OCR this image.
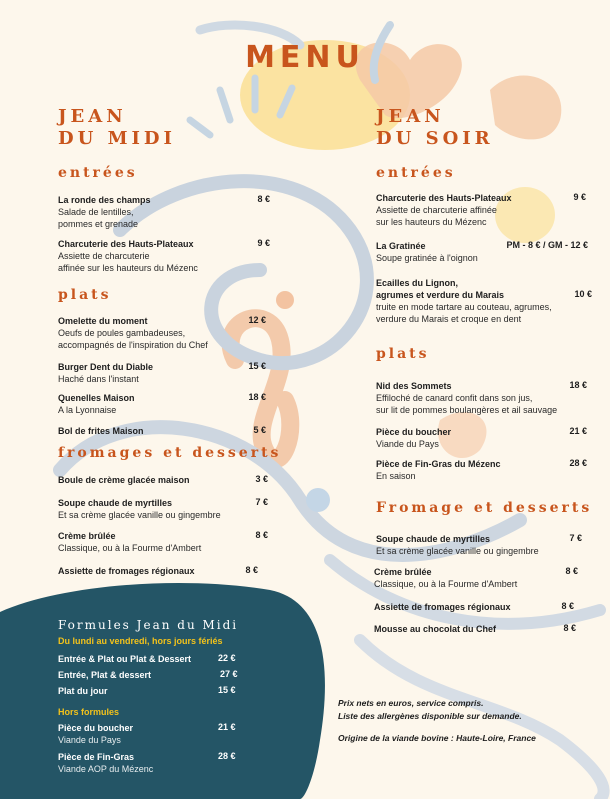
MENU
JEAN
DU MIDI
entrées
La ronde des champs
Salade de lentilles,
pommes et grenade
8 €
Charcuterie des Hauts-Plateaux
Assiette de charcuterie
affinée sur les hauteurs du Mézenc
9 €
plats
Omelette du moment
Oeufs de poules gambadeuses,
accompagnés de l'inspiration du Chef
12 €
Burger Dent du Diable
Haché dans l'instant
15 €
Quenelles Maison
A la Lyonnaise
18 €
Bol de frites Maison	5 €
fromages et desserts
Boule de crème glacée maison	3 €
Soupe chaude de myrtilles
Et sa crème glacée vanille ou gingembre
7 €
Crème brûlée
Classique, ou à la Fourme d'Ambert
8 €
Assiette de fromages régionaux	8 €
Formules Jean du Midi
Du lundi au vendredi, hors jours fériés
Entrée & Plat ou Plat & Dessert	22 €
Entrée, Plat & dessert	27 €
Plat du jour	15 €
Hors formules
Pièce du boucher
Viande du Pays
21 €
Pièce de Fin-Gras
Viande AOP du Mézenc
28 €
JEAN
DU SOIR
entrées
Charcuterie des Hauts-Plateaux
Assiette de charcuterie affinée
sur les hauteurs du Mézenc
9 €
La Gratinée
Soupe gratinée à l'oignon
PM - 8 € / GM - 12 €
Ecailles du Lignon,
agrumes et verdure du Marais
truite en mode tartare au couteau, agrumes,
verdure du Marais et croque en dent
10 €
plats
Nid des Sommets
Effiloché de canard confit dans son jus,
sur lit de pommes boulangères et ail sauvage
18 €
Pièce du boucher
Viande du Pays
21 €
Pièce de Fin-Gras du Mézenc
En saison
28 €
Fromage et desserts
Soupe chaude de myrtilles
Et sa crème glacée vanille ou gingembre
7 €
Crème brûlée
Classique, ou à la Fourme d'Ambert
8 €
Assiette de fromages régionaux	8 €
Mousse au chocolat du Chef	8 €
Prix nets en euros, service compris.
Liste des allergènes disponible sur demande.
Origine de la viande bovine : Haute-Loire, France
